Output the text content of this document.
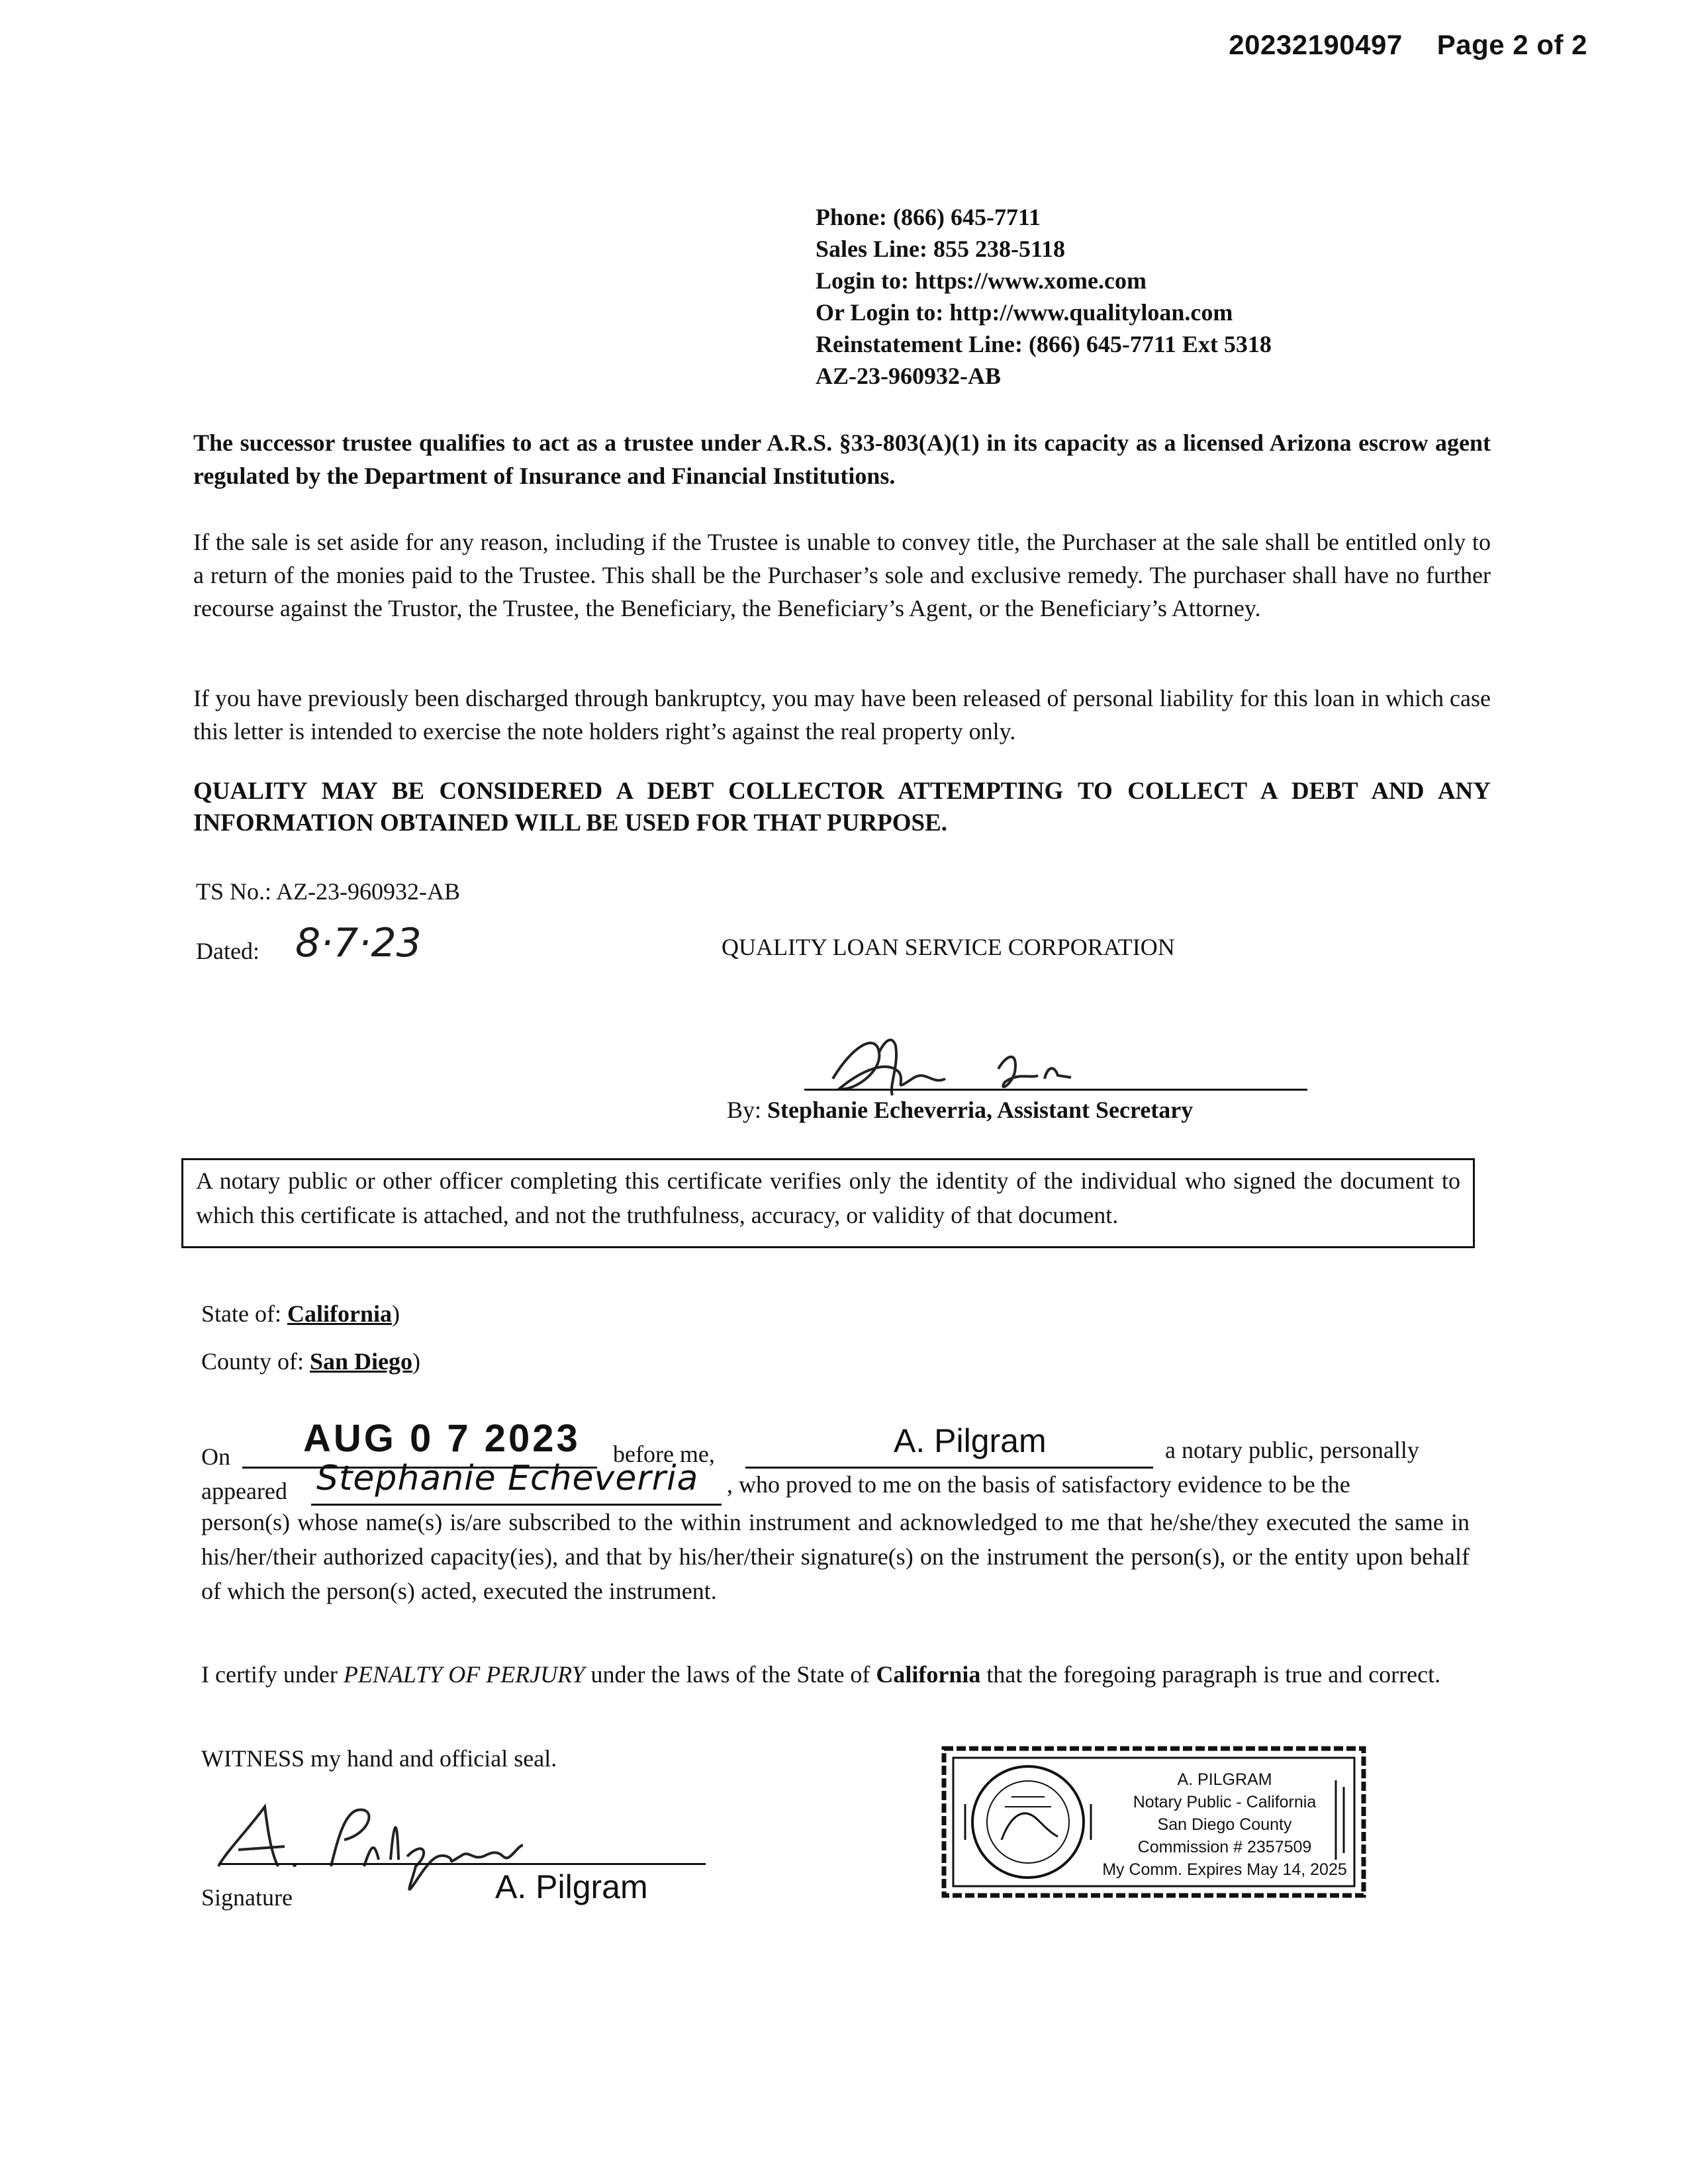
20232190497 Page 2 of 2
Phone: (866) 645-7711
Sales Line: 855 238-5118
Login to: https://www.xome.com
Or Login to: http://www.qualityloan.com
Reinstatement Line: (866) 645-7711 Ext 5318
AZ-23-960932-AB
The successor trustee qualifies to act as a trustee under A.R.S. §33-803(A)(1) in its capacity as a licensed Arizona escrow agent regulated by the Department of Insurance and Financial Institutions.
If the sale is set aside for any reason, including if the Trustee is unable to convey title, the Purchaser at the sale shall be entitled only to a return of the monies paid to the Trustee. This shall be the Purchaser’s sole and exclusive remedy. The purchaser shall have no further recourse against the Trustor, the Trustee, the Beneficiary, the Beneficiary’s Agent, or the Beneficiary’s Attorney.
If you have previously been discharged through bankruptcy, you may have been released of personal liability for this loan in which case this letter is intended to exercise the note holders right’s against the real property only.
QUALITY MAY BE CONSIDERED A DEBT COLLECTOR ATTEMPTING TO COLLECT A DEBT AND ANY INFORMATION OBTAINED WILL BE USED FOR THAT PURPOSE.
TS No.: AZ-23-960932-AB
Dated: 8·7·23	QUALITY LOAN SERVICE CORPORATION
By: Stephanie Echeverria, Assistant Secretary
A notary public or other officer completing this certificate verifies only the identity of the individual who signed the document to which this certificate is attached, and not the truthfulness, accuracy, or validity of that document.
State of: California)
County of: San Diego)
On AUG 0 7 2023 before me,	A. Pilgram	a notary public, personally
appeared Stephanie Echeverria , who proved to me on the basis of satisfactory evidence to be the
person(s) whose name(s) is/are subscribed to the within instrument and acknowledged to me that he/she/they executed the same in his/her/their authorized capacity(ies), and that by his/her/their signature(s) on the instrument the person(s), or the entity upon behalf of which the person(s) acted, executed the instrument.
I certify under PENALTY OF PERJURY under the laws of the State of California that the foregoing paragraph is true and correct.
WITNESS my hand and official seal.
Signature	A. Pilgram
A. PILGRAM
Notary Public - California
San Diego County
Commission # 2357509
My Comm. Expires May 14, 2025
